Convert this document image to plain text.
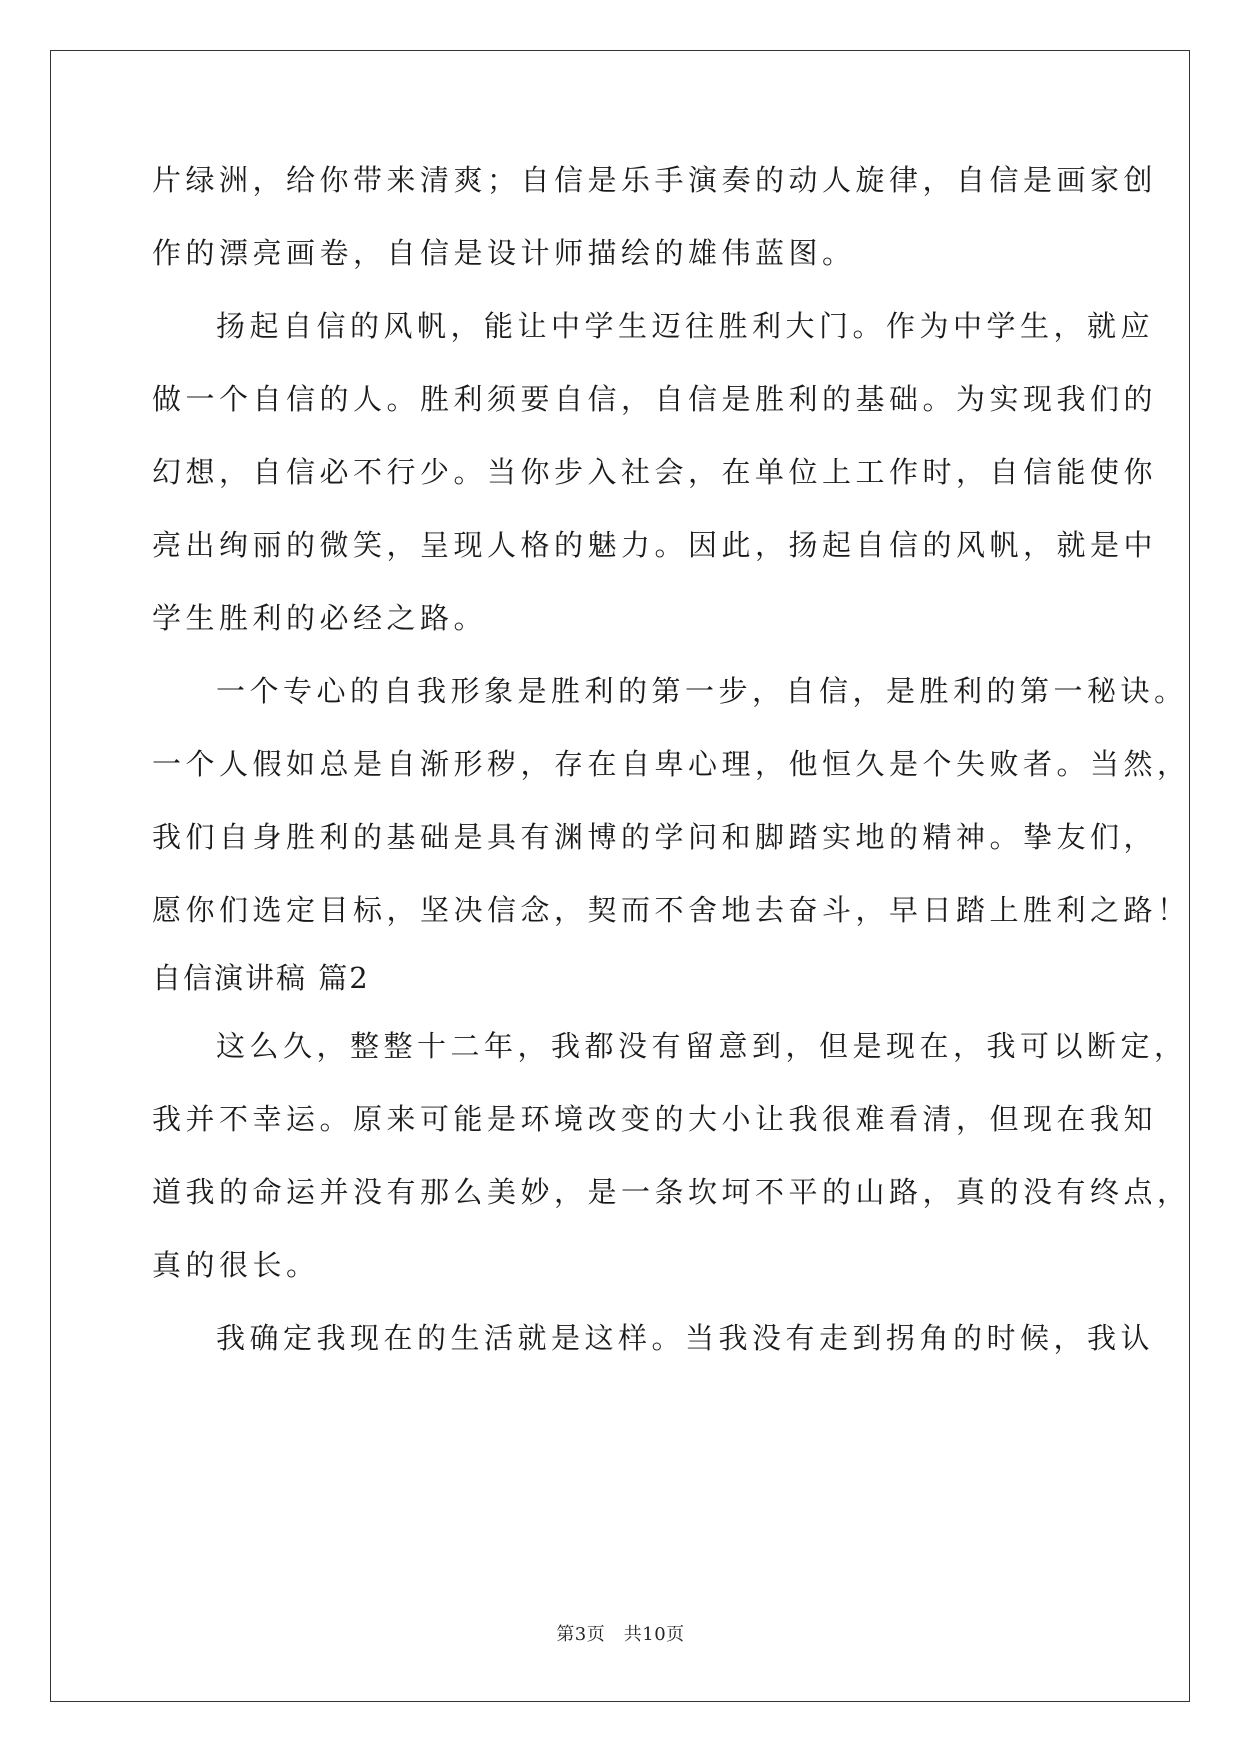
片绿洲，给你带来清爽；自信是乐手演奏的动人旋律，自信是画家创
作的漂亮画卷，自信是设计师描绘的雄伟蓝图。
扬起自信的风帆，能让中学生迈往胜利大门。作为中学生，就应
做一个自信的人。胜利须要自信，自信是胜利的基础。为实现我们的
幻想，自信必不行少。当你步入社会，在单位上工作时，自信能使你
亮出绚丽的微笑，呈现人格的魅力。因此，扬起自信的风帆，就是中
学生胜利的必经之路。
一个专心的自我形象是胜利的第一步，自信，是胜利的第一秘诀。
一个人假如总是自渐形秽，存在自卑心理，他恒久是个失败者。当然，
我们自身胜利的基础是具有渊博的学问和脚踏实地的精神。挚友们，
愿你们选定目标，坚决信念，契而不舍地去奋斗，早日踏上胜利之路！
自信演讲稿 篇2
这么久，整整十二年，我都没有留意到，但是现在，我可以断定，
我并不幸运。原来可能是环境改变的大小让我很难看清，但现在我知
道我的命运并没有那么美妙，是一条坎坷不平的山路，真的没有终点，
真的很长。
我确定我现在的生活就是这样。当我没有走到拐角的时候，我认
第3页　共10页
